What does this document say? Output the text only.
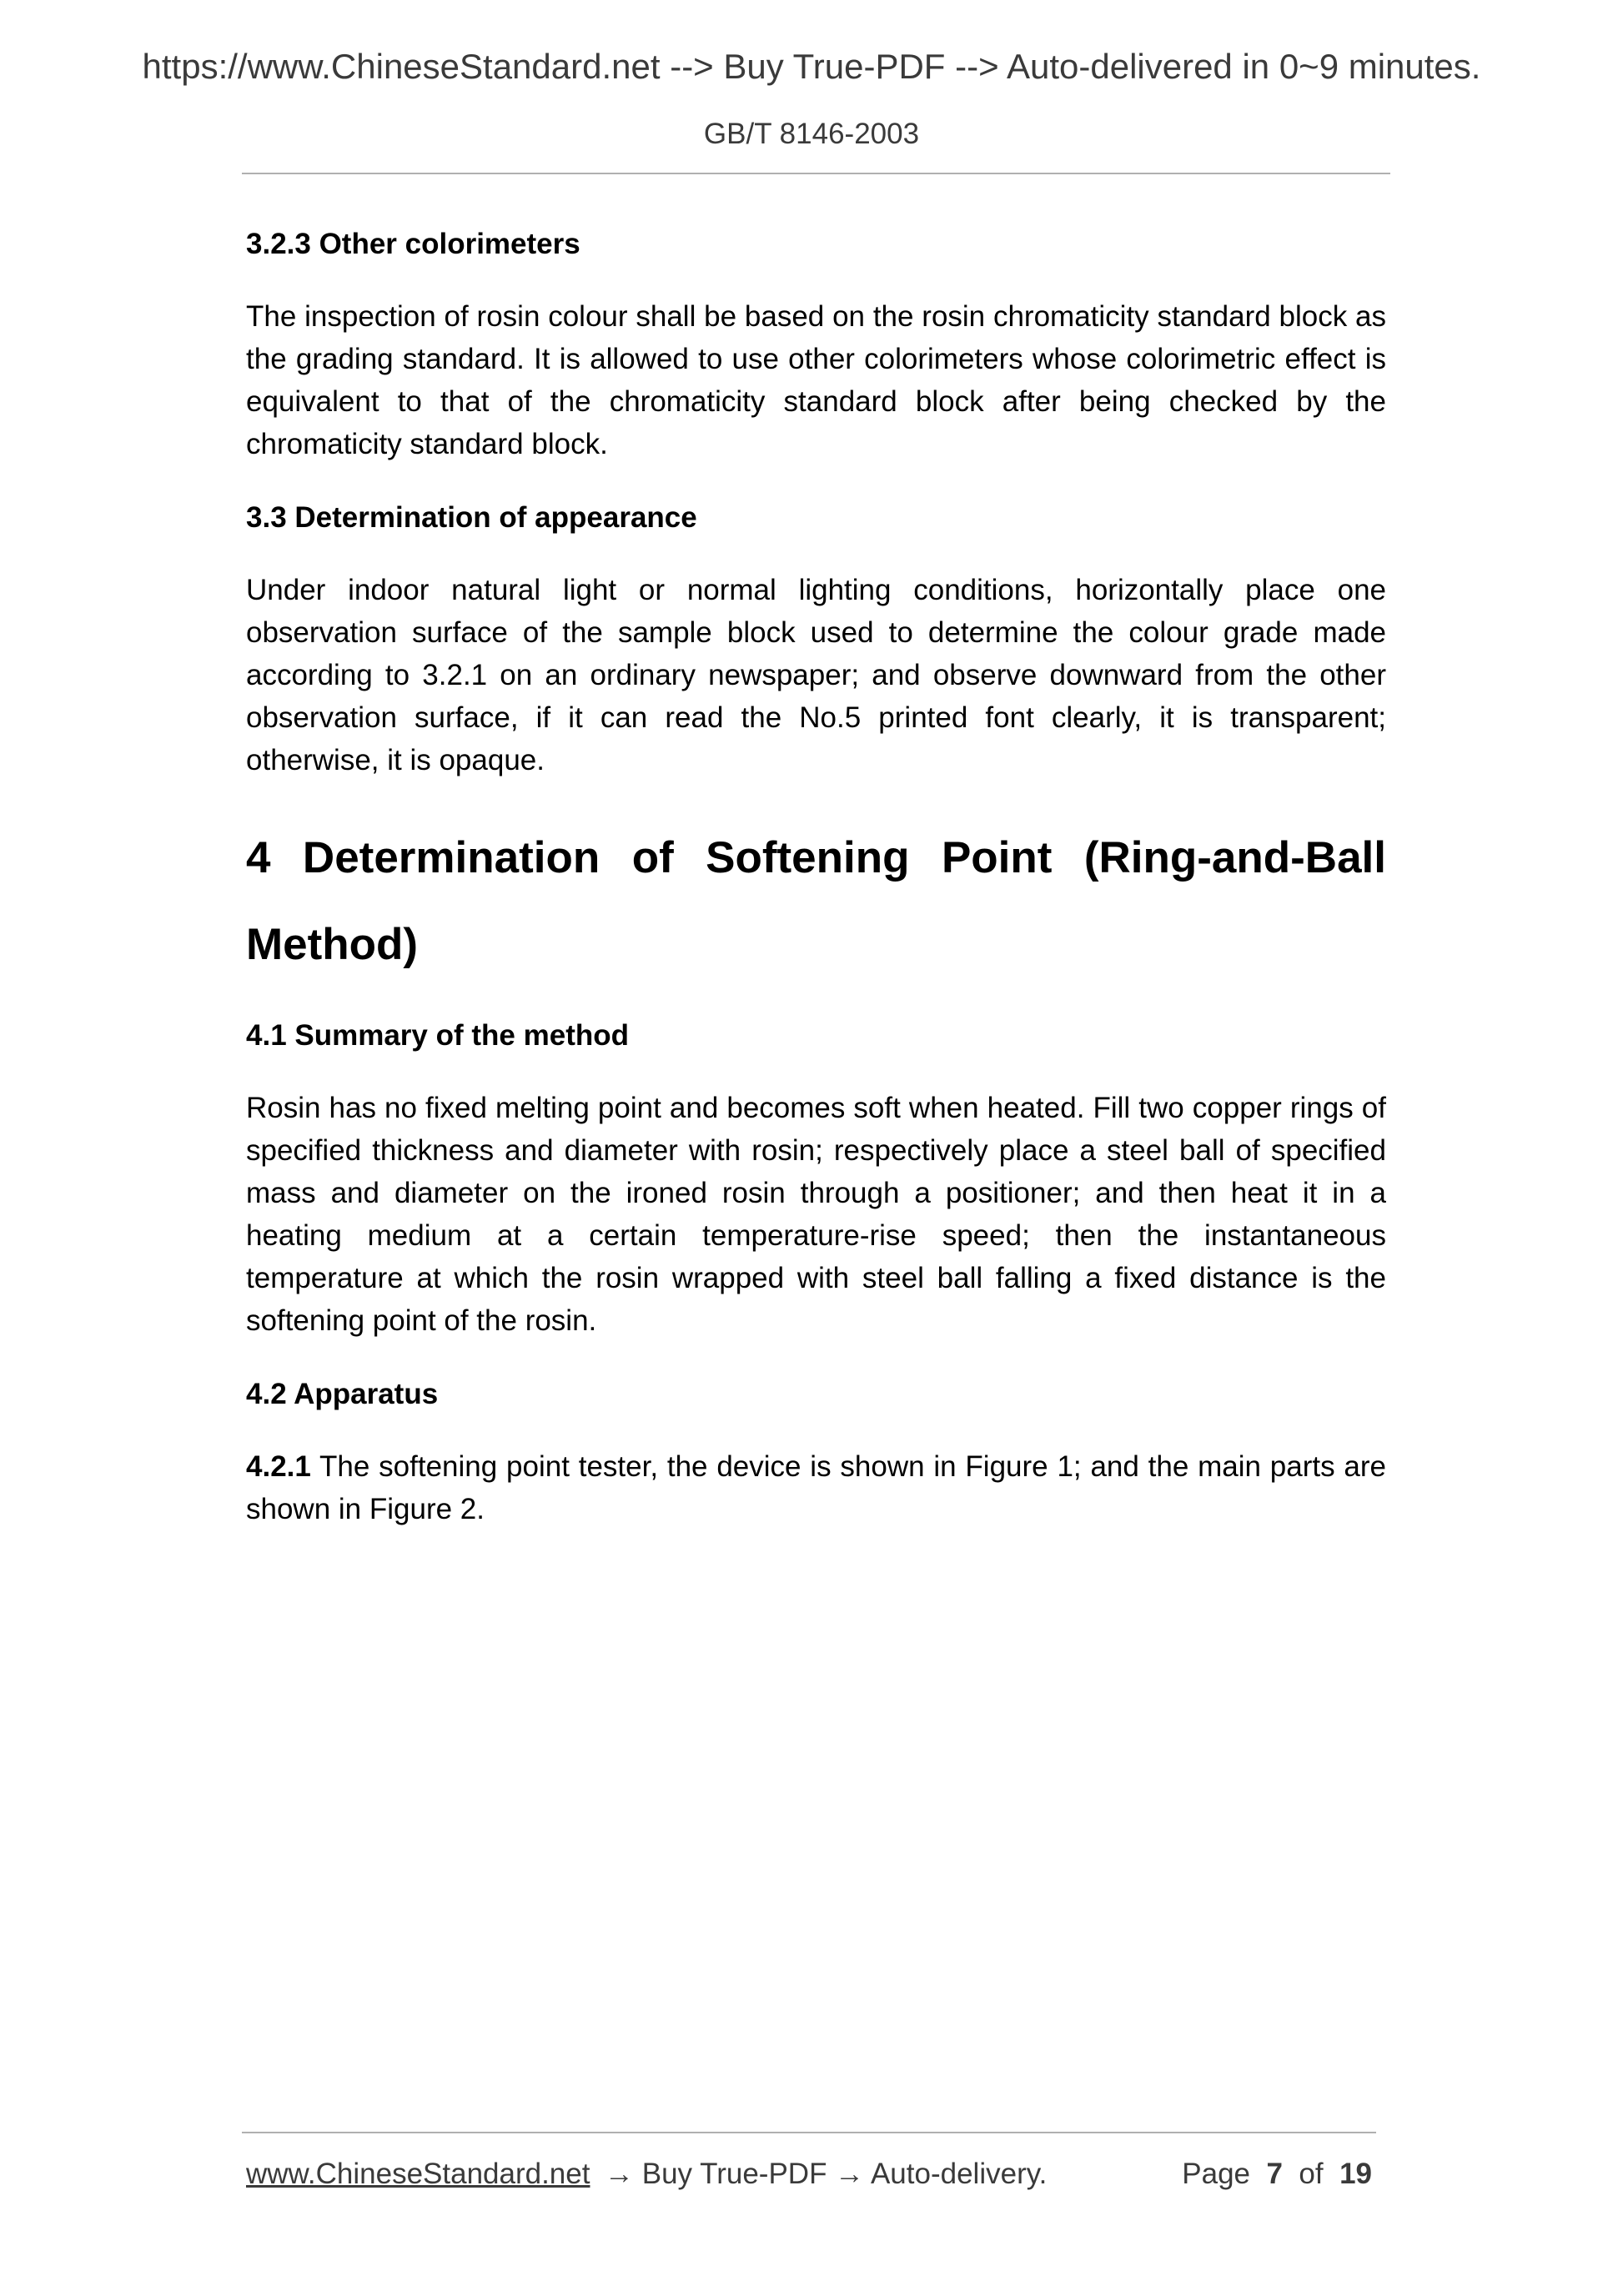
https://www.ChineseStandard.net --> Buy True-PDF --> Auto-delivered in 0~9 minutes.
GB/T 8146-2003
3.2.3 Other colorimeters
The inspection of rosin colour shall be based on the rosin chromaticity standard block as the grading standard. It is allowed to use other colorimeters whose colorimetric effect is equivalent to that of the chromaticity standard block after being checked by the chromaticity standard block.
3.3 Determination of appearance
Under indoor natural light or normal lighting conditions, horizontally place one observation surface of the sample block used to determine the colour grade made according to 3.2.1 on an ordinary newspaper; and observe downward from the other observation surface, if it can read the No.5 printed font clearly, it is transparent; otherwise, it is opaque.
4 Determination of Softening Point (Ring-and-Ball Method)
4.1 Summary of the method
Rosin has no fixed melting point and becomes soft when heated. Fill two copper rings of specified thickness and diameter with rosin; respectively place a steel ball of specified mass and diameter on the ironed rosin through a positioner; and then heat it in a heating medium at a certain temperature-rise speed; then the instantaneous temperature at which the rosin wrapped with steel ball falling a fixed distance is the softening point of the rosin.
4.2 Apparatus
4.2.1 The softening point tester, the device is shown in Figure 1; and the main parts are shown in Figure 2.
www.ChineseStandard.net → Buy True-PDF → Auto-delivery.	Page 7 of 19
